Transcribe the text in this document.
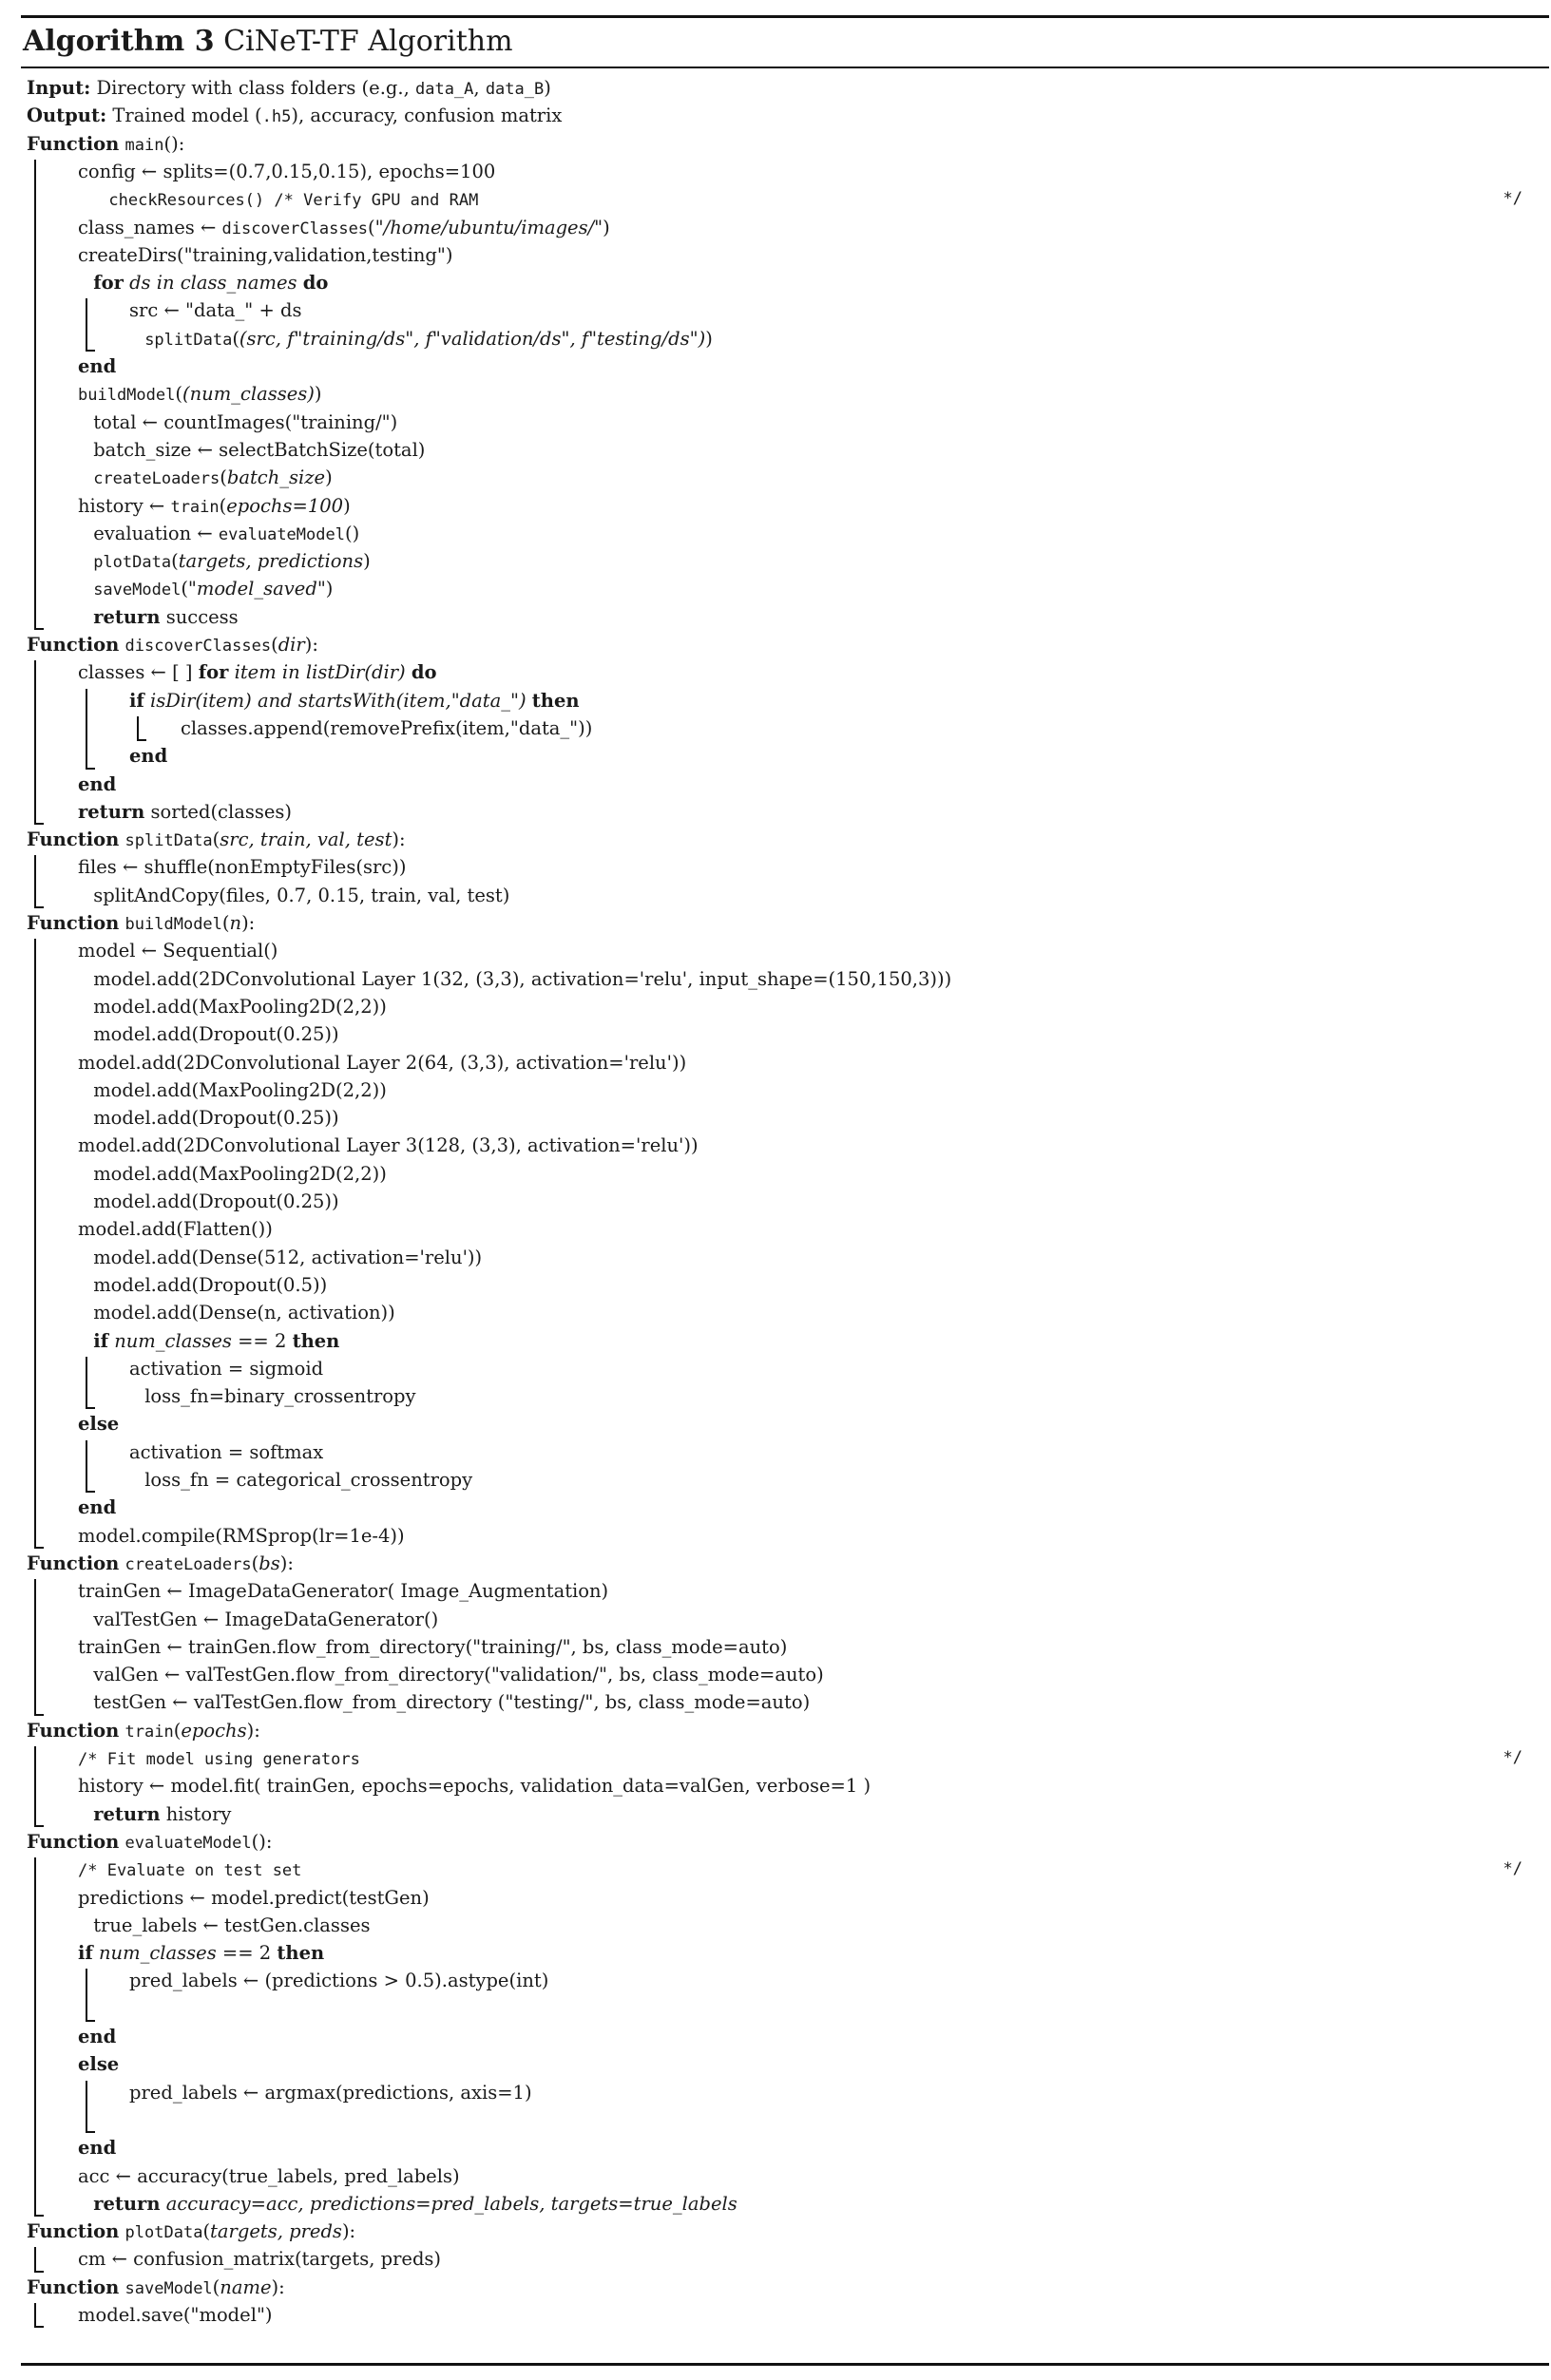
Algorithm 3 CiNeT-TF Algorithm
Input: Directory with class folders (e.g., data_A, data_B)
Output: Trained model (.h5), accuracy, confusion matrix
Function main():
config ← splits=(0.7,0.15,0.15), epochs=100
checkResources() /* Verify GPU and RAM	*/
class_names ← discoverClasses("/home/ubuntu/images/")
createDirs("training,validation,testing")
for ds in class_names do
src ← "data_" + ds
splitData((src, f"training/ds", f"validation/ds", f"testing/ds"))
end
buildModel((num_classes))
total ← countImages("training/")
batch_size ← selectBatchSize(total)
createLoaders(batch_size)
history ← train(epochs=100)
evaluation ← evaluateModel()
plotData(targets, predictions)
saveModel("model_saved")
return success
Function discoverClasses(dir):
classes ← [ ] for item in listDir(dir) do
if isDir(item) and startsWith(item,"data_") then
classes.append(removePrefix(item,"data_"))
end
end
return sorted(classes)
Function splitData(src, train, val, test):
files ← shuffle(nonEmptyFiles(src))
splitAndCopy(files, 0.7, 0.15, train, val, test)
Function buildModel(n):
model ← Sequential()
model.add(2DConvolutional Layer 1(32, (3,3), activation='relu', input_shape=(150,150,3)))
model.add(MaxPooling2D(2,2))
model.add(Dropout(0.25))
model.add(2DConvolutional Layer 2(64, (3,3), activation='relu'))
model.add(MaxPooling2D(2,2))
model.add(Dropout(0.25))
model.add(2DConvolutional Layer 3(128, (3,3), activation='relu'))
model.add(MaxPooling2D(2,2))
model.add(Dropout(0.25))
model.add(Flatten())
model.add(Dense(512, activation='relu'))
model.add(Dropout(0.5))
model.add(Dense(n, activation))
if num_classes == 2 then
activation = sigmoid
loss_fn=binary_crossentropy
else
activation = softmax
loss_fn = categorical_crossentropy
end
model.compile(RMSprop(lr=1e-4))
Function createLoaders(bs):
trainGen ← ImageDataGenerator( Image_Augmentation)
valTestGen ← ImageDataGenerator()
trainGen ← trainGen.flow_from_directory("training/", bs, class_mode=auto)
valGen ← valTestGen.flow_from_directory("validation/", bs, class_mode=auto)
testGen ← valTestGen.flow_from_directory ("testing/", bs, class_mode=auto)
Function train(epochs):
/* Fit model using generators	*/
history ← model.fit( trainGen, epochs=epochs, validation_data=valGen, verbose=1 )
return history
Function evaluateModel():
/* Evaluate on test set	*/
predictions ← model.predict(testGen)
true_labels ← testGen.classes
if num_classes == 2 then
pred_labels ← (predictions > 0.5).astype(int)
end
else
pred_labels ← argmax(predictions, axis=1)
end
acc ← accuracy(true_labels, pred_labels)
return accuracy=acc, predictions=pred_labels, targets=true_labels
Function plotData(targets, preds):
cm ← confusion_matrix(targets, preds)
Function saveModel(name):
model.save("model")
